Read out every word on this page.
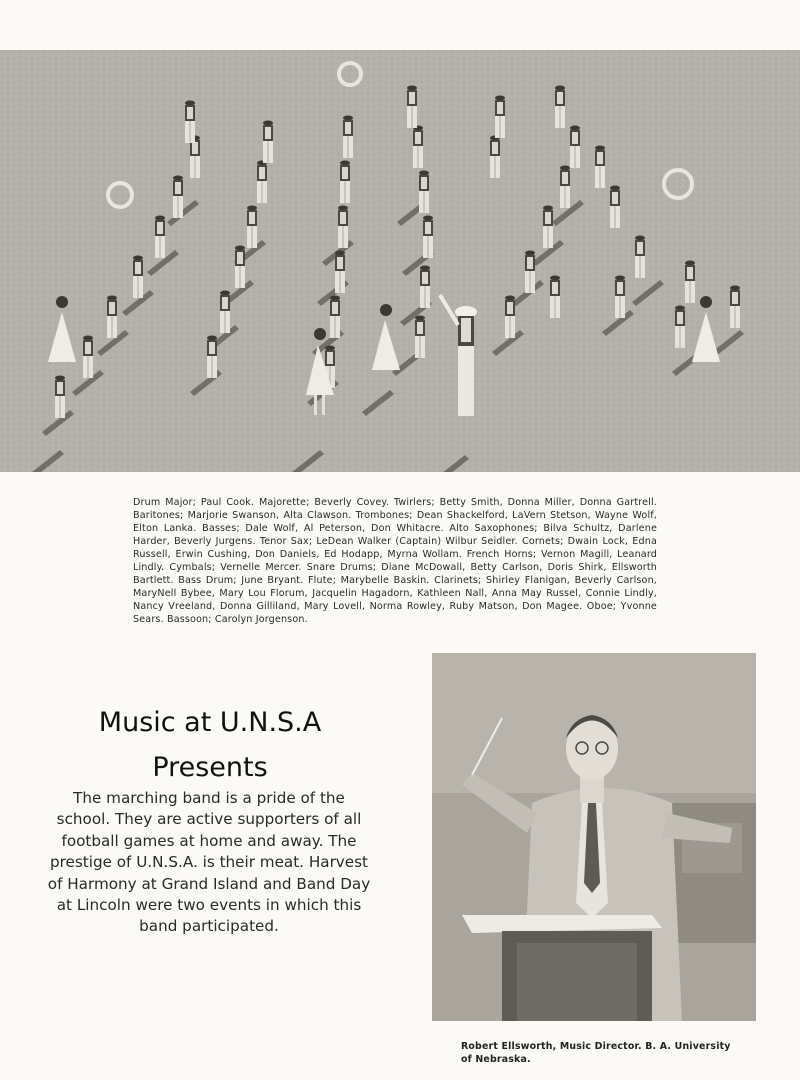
Drum Major; Paul Cook. Majorette; Beverly Covey. Twirlers; Betty Smith, Donna Miller, Donna Gartrell. Baritones; Marjorie Swanson, Alta Clawson. Trombones; Dean Shackelford, LaVern Stetson, Wayne Wolf, Elton Lanka. Basses; Dale Wolf, Al Peterson, Don Whitacre. Alto Saxophones; Bilva Schultz, Darlene Harder, Beverly Jurgens. Tenor Sax; LeDean Walker (Captain) Wilbur Seidler. Cornets; Dwain Lock, Edna Russell, Erwin Cushing, Don Daniels, Ed Hodapp, Myrna Wollam. French Horns; Vernon Magill, Leanard Lindly. Cymbals; Vernelle Mercer. Snare Drums; Diane McDowall, Betty Carlson, Doris Shirk, Ellsworth Bartlett. Bass Drum; June Bryant. Flute; Marybelle Baskin. Clarinets; Shirley Flanigan, Beverly Carlson, MaryNell Bybee, Mary Lou Florum, Jacquelin Hagadorn, Kathleen Nall, Anna May Russel, Connie Lindly, Nancy Vreeland, Donna Gilliland, Mary Lovell, Norma Rowley, Ruby Matson, Don Magee. Oboe; Yvonne Sears. Bassoon; Carolyn Jorgenson.

Music at U.N.S.A
Presents

The marching band is a pride of the school. They are active supporters of all football games at home and away. The prestige of U.N.S.A. is their meat. Harvest of Harmony at Grand Island and Band Day at Lincoln were two events in which this band participated.

Robert Ellsworth, Music Director. B. A. University of Nebraska.
